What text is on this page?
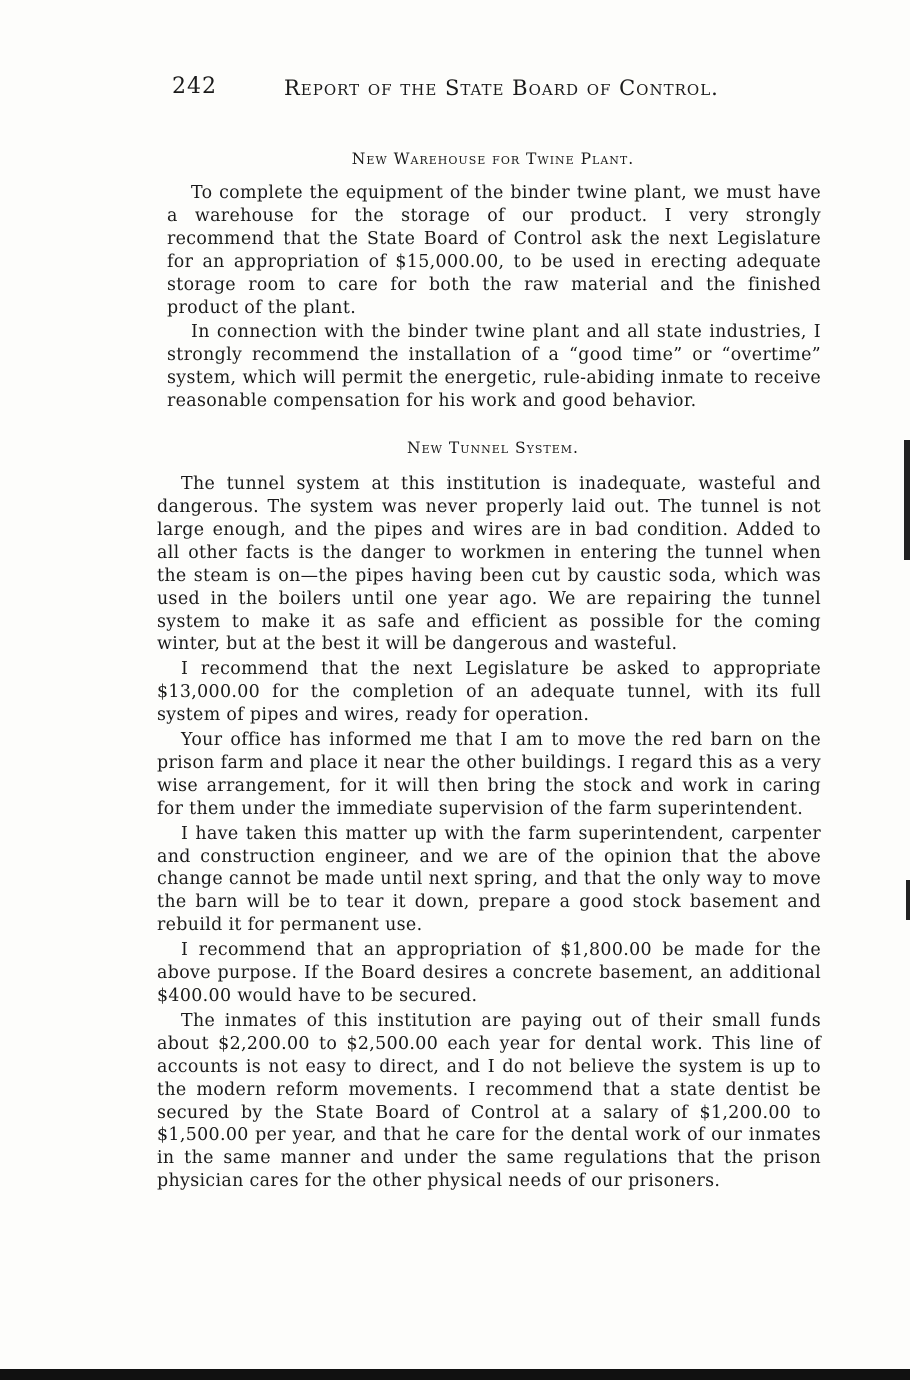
242	Report of the State Board of Control.
New Warehouse for Twine Plant.

To complete the equipment of the binder twine plant, we must have a warehouse for the storage of our product. I very strongly recommend that the State Board of Control ask the next Legislature for an appropriation of $15,000.00, to be used in erecting adequate storage room to care for both the raw material and the finished product of the plant.

In connection with the binder twine plant and all state industries, I strongly recommend the installation of a “good time” or “overtime” system, which will permit the energetic, rule-abiding inmate to receive reasonable compensation for his work and good behavior.

New Tunnel System.

The tunnel system at this institution is inadequate, wasteful and dangerous. The system was never properly laid out. The tunnel is not large enough, and the pipes and wires are in bad condition. Added to all other facts is the danger to workmen in entering the tunnel when the steam is on—the pipes having been cut by caustic soda, which was used in the boilers until one year ago. We are repairing the tunnel system to make it as safe and efficient as possible for the coming winter, but at the best it will be dangerous and wasteful.

I recommend that the next Legislature be asked to appropriate $13,000.00 for the completion of an adequate tunnel, with its full system of pipes and wires, ready for operation.

Your office has informed me that I am to move the red barn on the prison farm and place it near the other buildings. I regard this as a very wise arrangement, for it will then bring the stock and work in caring for them under the immediate supervision of the farm superintendent.

I have taken this matter up with the farm superintendent, carpenter and construction engineer, and we are of the opinion that the above change cannot be made until next spring, and that the only way to move the barn will be to tear it down, prepare a good stock basement and rebuild it for permanent use.

I recommend that an appropriation of $1,800.00 be made for the above purpose. If the Board desires a concrete basement, an additional $400.00 would have to be secured.

The inmates of this institution are paying out of their small funds about $2,200.00 to $2,500.00 each year for dental work. This line of accounts is not easy to direct, and I do not believe the system is up to the modern reform movements. I recommend that a state dentist be secured by the State Board of Control at a salary of $1,200.00 to $1,500.00 per year, and that he care for the dental work of our inmates in the same manner and under the same regulations that the prison physician cares for the other physical needs of our prisoners.
